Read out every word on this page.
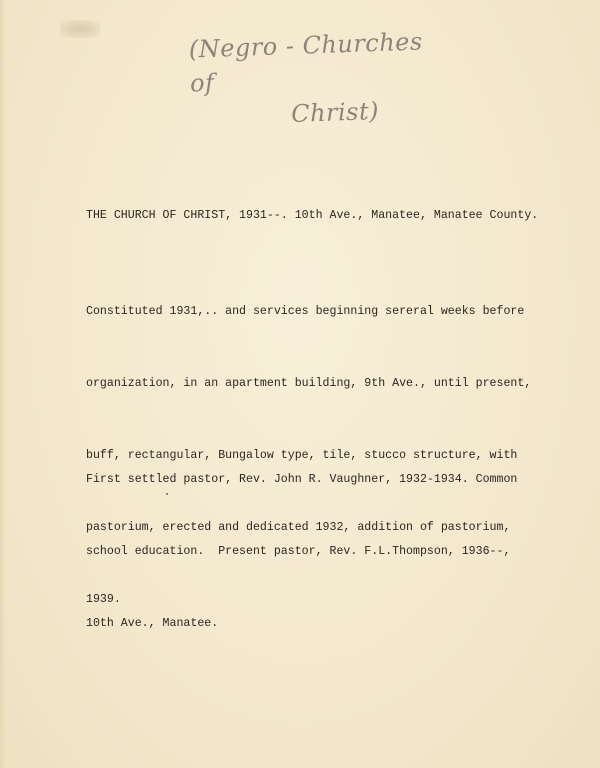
(Negro - Churches of
Christ)
THE CHURCH OF CHRIST, 1931--. 10th Ave., Manatee, Manatee County.

Constituted 1931,.. and services beginning sereral weeks before

organization, in an apartment building, 9th Ave., until present,

buff, rectangular, Bungalow type, tile, stucco structure, with

pastorium, erected and dedicated 1932, addition of pastorium,

1939.

First settled pastor, Rev. John R. Vaughner, 1932-1934. Common

school education.  Present pastor, Rev. F.L.Thompson, 1936--,

10th Ave., Manatee.
